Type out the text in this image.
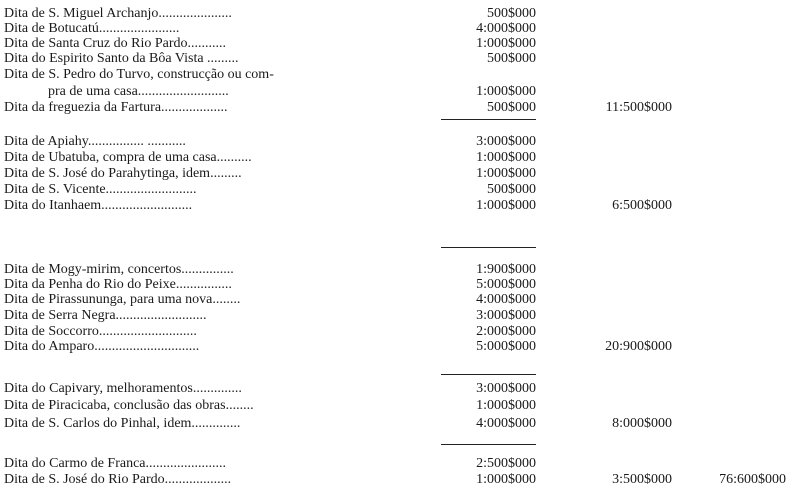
Dita de S. Miguel Archanjo.....................	500$000
Dita de Botucatú.......................	4:000$000
Dita de Santa Cruz do Rio Pardo...........	1:000$000
Dita do Espirito Santo da Bôa Vista .........	500$000
Dita de S. Pedro do Turvo, construcção ou com-
pra de uma casa..........................	1:000$000
Dita da freguezia da Fartura...................	500$000	11:500$000
Dita de Apiahy................ ...........	3:000$000
Dita de Ubatuba, compra de uma casa..........	1:000$000
Dita de S. José do Parahytinga, idem.........	1:000$000
Dita de S. Vicente..........................	500$000
Dita do Itanhaem..........................	1:000$000	6:500$000
Dita de Mogy-mirim, concertos...............	1:900$000
Dita da Penha do Rio do Peixe................	5:000$000
Dita de Pirassununga, para uma nova........	4:000$000
Dita de Serra Negra..........................	3:000$000
Dita de Soccorro............................	2:000$000
Dita do Amparo..............................	5:000$000	20:900$000
Dita do Capivary, melhoramentos..............	3:000$000
Dita de Piracicaba, conclusão das obras........	1:000$000
Dita de S. Carlos do Pinhal, idem..............	4:000$000	8:000$000
Dita do Carmo de Franca.......................	2:500$000
Dita de S. José do Rio Pardo...................	1:000$000	3:500$000	76:600$000
